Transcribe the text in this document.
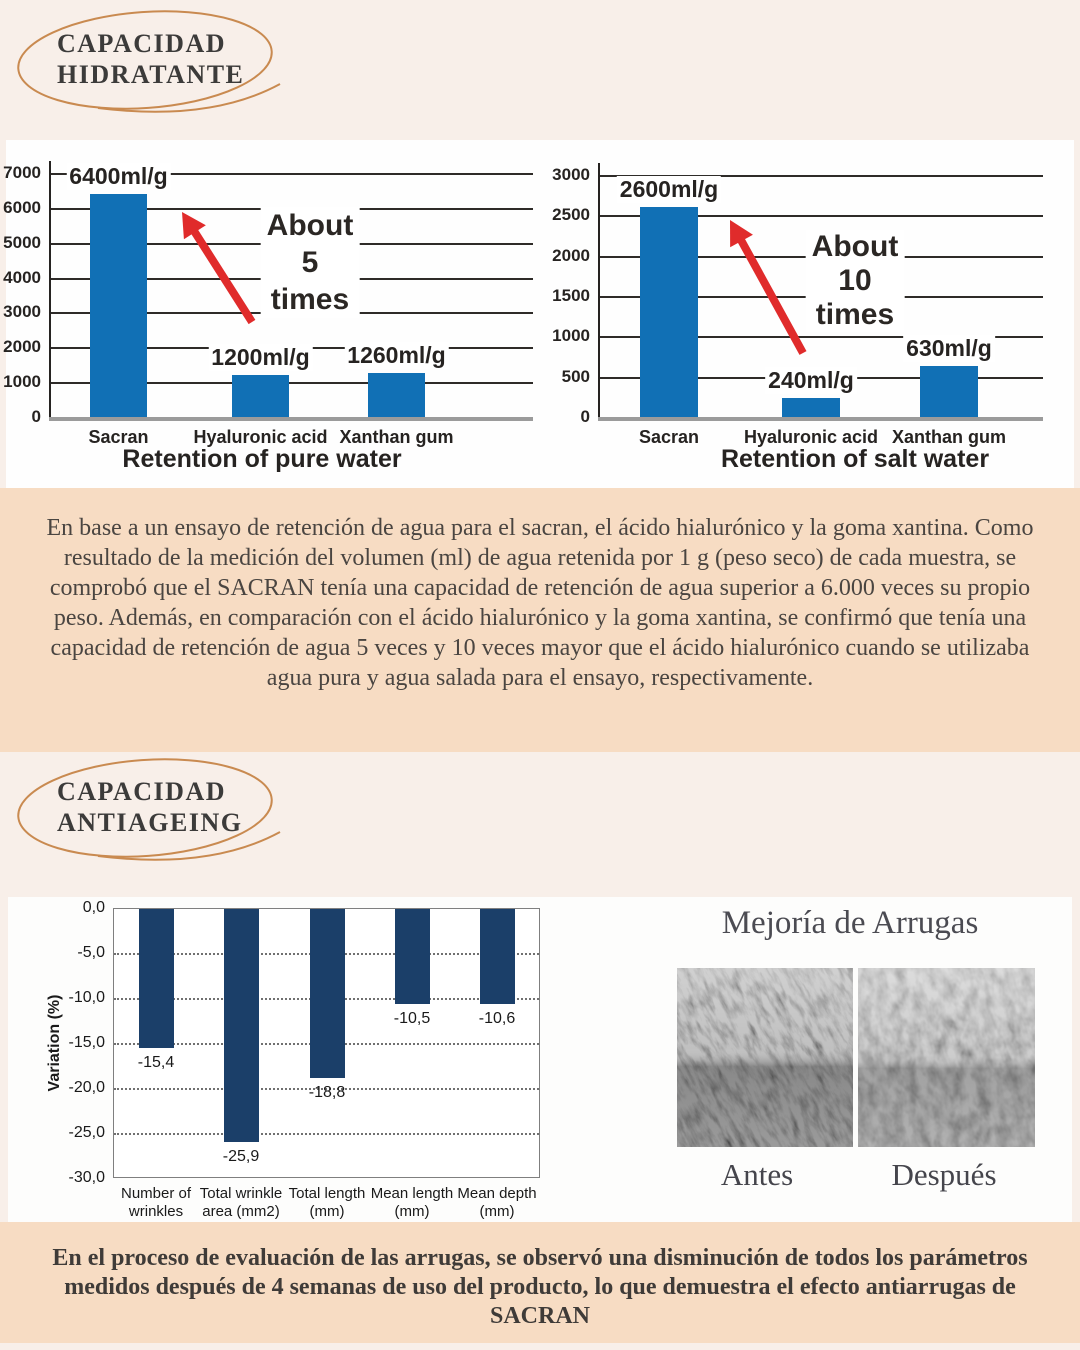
CAPACIDAD
HIDRATANTE
7000
6000
5000
4000
3000
2000
1000
0
6400ml/g
Sacran
1200ml/g
Hyaluronic acid
1260ml/g
Xanthan gum
Retention of pure water
About
5
times
3000
2500
2000
1500
1000
500
0
2600ml/g
Sacran
240ml/g
Hyaluronic acid
630ml/g
Xanthan gum
Retention of salt water
About
10
times

En base a un ensayo de retención de agua para el sacran, el ácido hialurónico y la goma xantina. Como resultado de la medición del volumen (ml) de agua retenida por 1 g (peso seco) de cada muestra, se comprobó que el SACRAN tenía una capacidad de retención de agua superior a 6.000 veces su propio peso. Además, en comparación con el ácido hialurónico y la goma xantina, se confirmó que tenía una capacidad de retención de agua 5 veces y 10 veces mayor que el ácido hialurónico cuando se utilizaba agua pura y agua salada para el ensayo, respectivamente.

CAPACIDAD
ANTIAGEING
Mejoría de Arrugas
Antes	Después
0,0
-5,0
-10,0
-15,0
-20,0
-25,0
-30,0
Variation (%)	-15,4
Number of
wrinkles
-25,9
Total wrinkle
area (mm2)
-18,8
Total length
(mm)
-10,5
Mean length
(mm)
-10,6
Mean depth
(mm)

En el proceso de evaluación de las arrugas, se observó una disminución de todos los parámetros medidos después de 4 semanas de uso del producto, lo que demuestra el efecto antiarrugas de SACRAN
